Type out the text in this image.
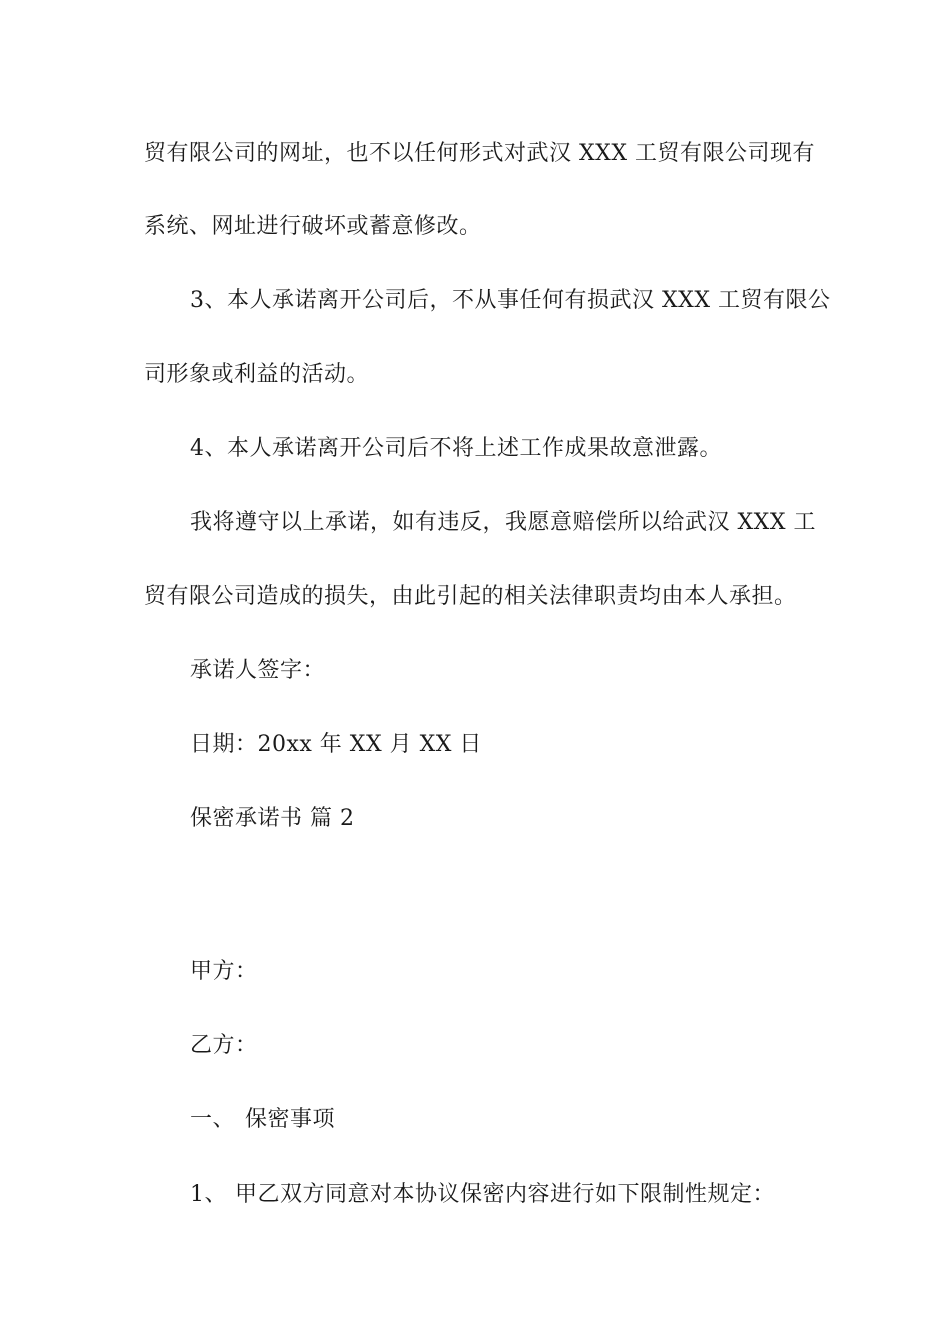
贸有限公司的网址，也不以任何形式对武汉 XXX 工贸有限公司现有
系统、网址进行破坏或蓄意修改。
3、本人承诺离开公司后，不从事任何有损武汉 XXX 工贸有限公
司形象或利益的活动。
4、本人承诺离开公司后不将上述工作成果故意泄露。
我将遵守以上承诺，如有违反，我愿意赔偿所以给武汉 XXX 工
贸有限公司造成的损失，由此引起的相关法律职责均由本人承担。
承诺人签字：
日期：20xx 年 XX 月 XX 日
保密承诺书 篇 2
甲方：
乙方：
一、 保密事项
1、 甲乙双方同意对本协议保密内容进行如下限制性规定：
